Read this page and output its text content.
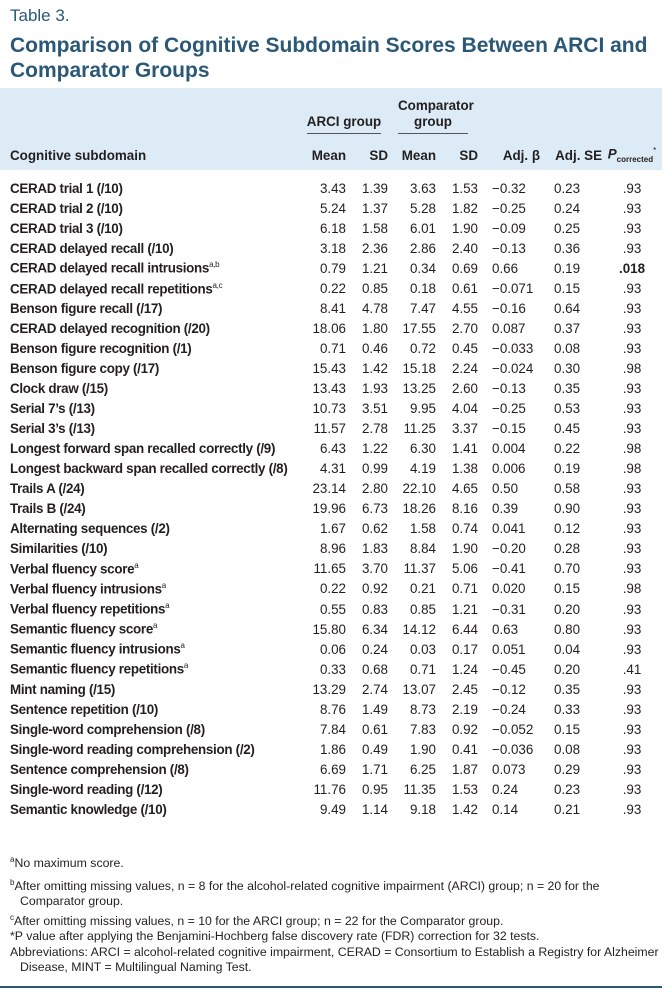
Table 3.
Comparison of Cognitive Subdomain Scores Between ARCI and Comparator Groups
	ARCI group		Comparator group				
Cognitive subdomain	Mean	SD	Mean	SD	Adj. β	Adj. SE	$P_{corrected}^*$
CERAD trial 1 (/10)	3.43	1.39	3.63	1.53	−0.32	0.23	.93
CERAD trial 2 (/10)	5.24	1.37	5.28	1.82	−0.25	0.24	.93
CERAD trial 3 (/10)	6.18	1.58	6.01	1.90	−0.09	0.25	.93
CERAD delayed recall (/10)	3.18	2.36	2.86	2.40	−0.13	0.36	.93
CERAD delayed recall intrusions$^{a,b}$	0.79	1.21	0.34	0.69	0.66	0.19	.018
CERAD delayed recall repetitions$^{a,c}$	0.22	0.85	0.18	0.61	−0.071	0.15	.93
Benson figure recall (/17)	8.41	4.78	7.47	4.55	−0.16	0.64	.93
CERAD delayed recognition (/20)	18.06	1.80	17.55	2.70	0.087	0.37	.93
Benson figure recognition (/1)	0.71	0.46	0.72	0.45	−0.033	0.08	.93
Benson figure copy (/17)	15.43	1.42	15.18	2.24	−0.024	0.30	.98
Clock draw (/15)	13.43	1.93	13.25	2.60	−0.13	0.35	.93
Serial 7’s (/13)	10.73	3.51	9.95	4.04	−0.25	0.53	.93
Serial 3’s (/13)	11.57	2.78	11.25	3.37	−0.15	0.45	.93
Longest forward span recalled correctly (/9)	6.43	1.22	6.30	1.41	0.004	0.22	.98
Longest backward span recalled correctly (/8)	4.31	0.99	4.19	1.38	0.006	0.19	.98
Trails A (/24)	23.14	2.80	22.10	4.65	0.50	0.58	.93
Trails B (/24)	19.96	6.73	18.26	8.16	0.39	0.90	.93
Alternating sequences (/2)	1.67	0.62	1.58	0.74	0.041	0.12	.93
Similarities (/10)	8.96	1.83	8.84	1.90	−0.20	0.28	.93
Verbal fluency score$^a$	11.65	3.70	11.37	5.06	−0.41	0.70	.93
Verbal fluency intrusions$^a$	0.22	0.92	0.21	0.71	0.020	0.15	.98
Verbal fluency repetitions$^a$	0.55	0.83	0.85	1.21	−0.31	0.20	.93
Semantic fluency score$^a$	15.80	6.34	14.12	6.44	0.63	0.80	.93
Semantic fluency intrusions$^a$	0.06	0.24	0.03	0.17	0.051	0.04	.93
Semantic fluency repetitions$^a$	0.33	0.68	0.71	1.24	−0.45	0.20	.41
Mint naming (/15)	13.29	2.74	13.07	2.45	−0.12	0.35	.93
Sentence repetition (/10)	8.76	1.49	8.73	2.19	−0.24	0.33	.93
Single-word comprehension (/8)	7.84	0.61	7.83	0.92	−0.052	0.15	.93
Single-word reading comprehension (/2)	1.86	0.49	1.90	0.41	−0.036	0.08	.93
Sentence comprehension (/8)	6.69	1.71	6.25	1.87	0.073	0.29	.93
Single-word reading (/12)	11.76	0.95	11.35	1.53	0.24	0.23	.93
Semantic knowledge (/10)	9.49	1.14	9.18	1.42	0.14	0.21	.93
$^a$No maximum score.
$^b$After omitting missing values, n = 8 for the alcohol-related cognitive impairment (ARCI) group; n = 20 for the Comparator group.
$^c$After omitting missing values, n = 10 for the ARCI group; n = 22 for the Comparator group.
*P value after applying the Benjamini-Hochberg false discovery rate (FDR) correction for 32 tests.
Abbreviations: ARCI = alcohol-related cognitive impairment, CERAD = Consortium to Establish a Registry for Alzheimer Disease, MINT = Multilingual Naming Test.
